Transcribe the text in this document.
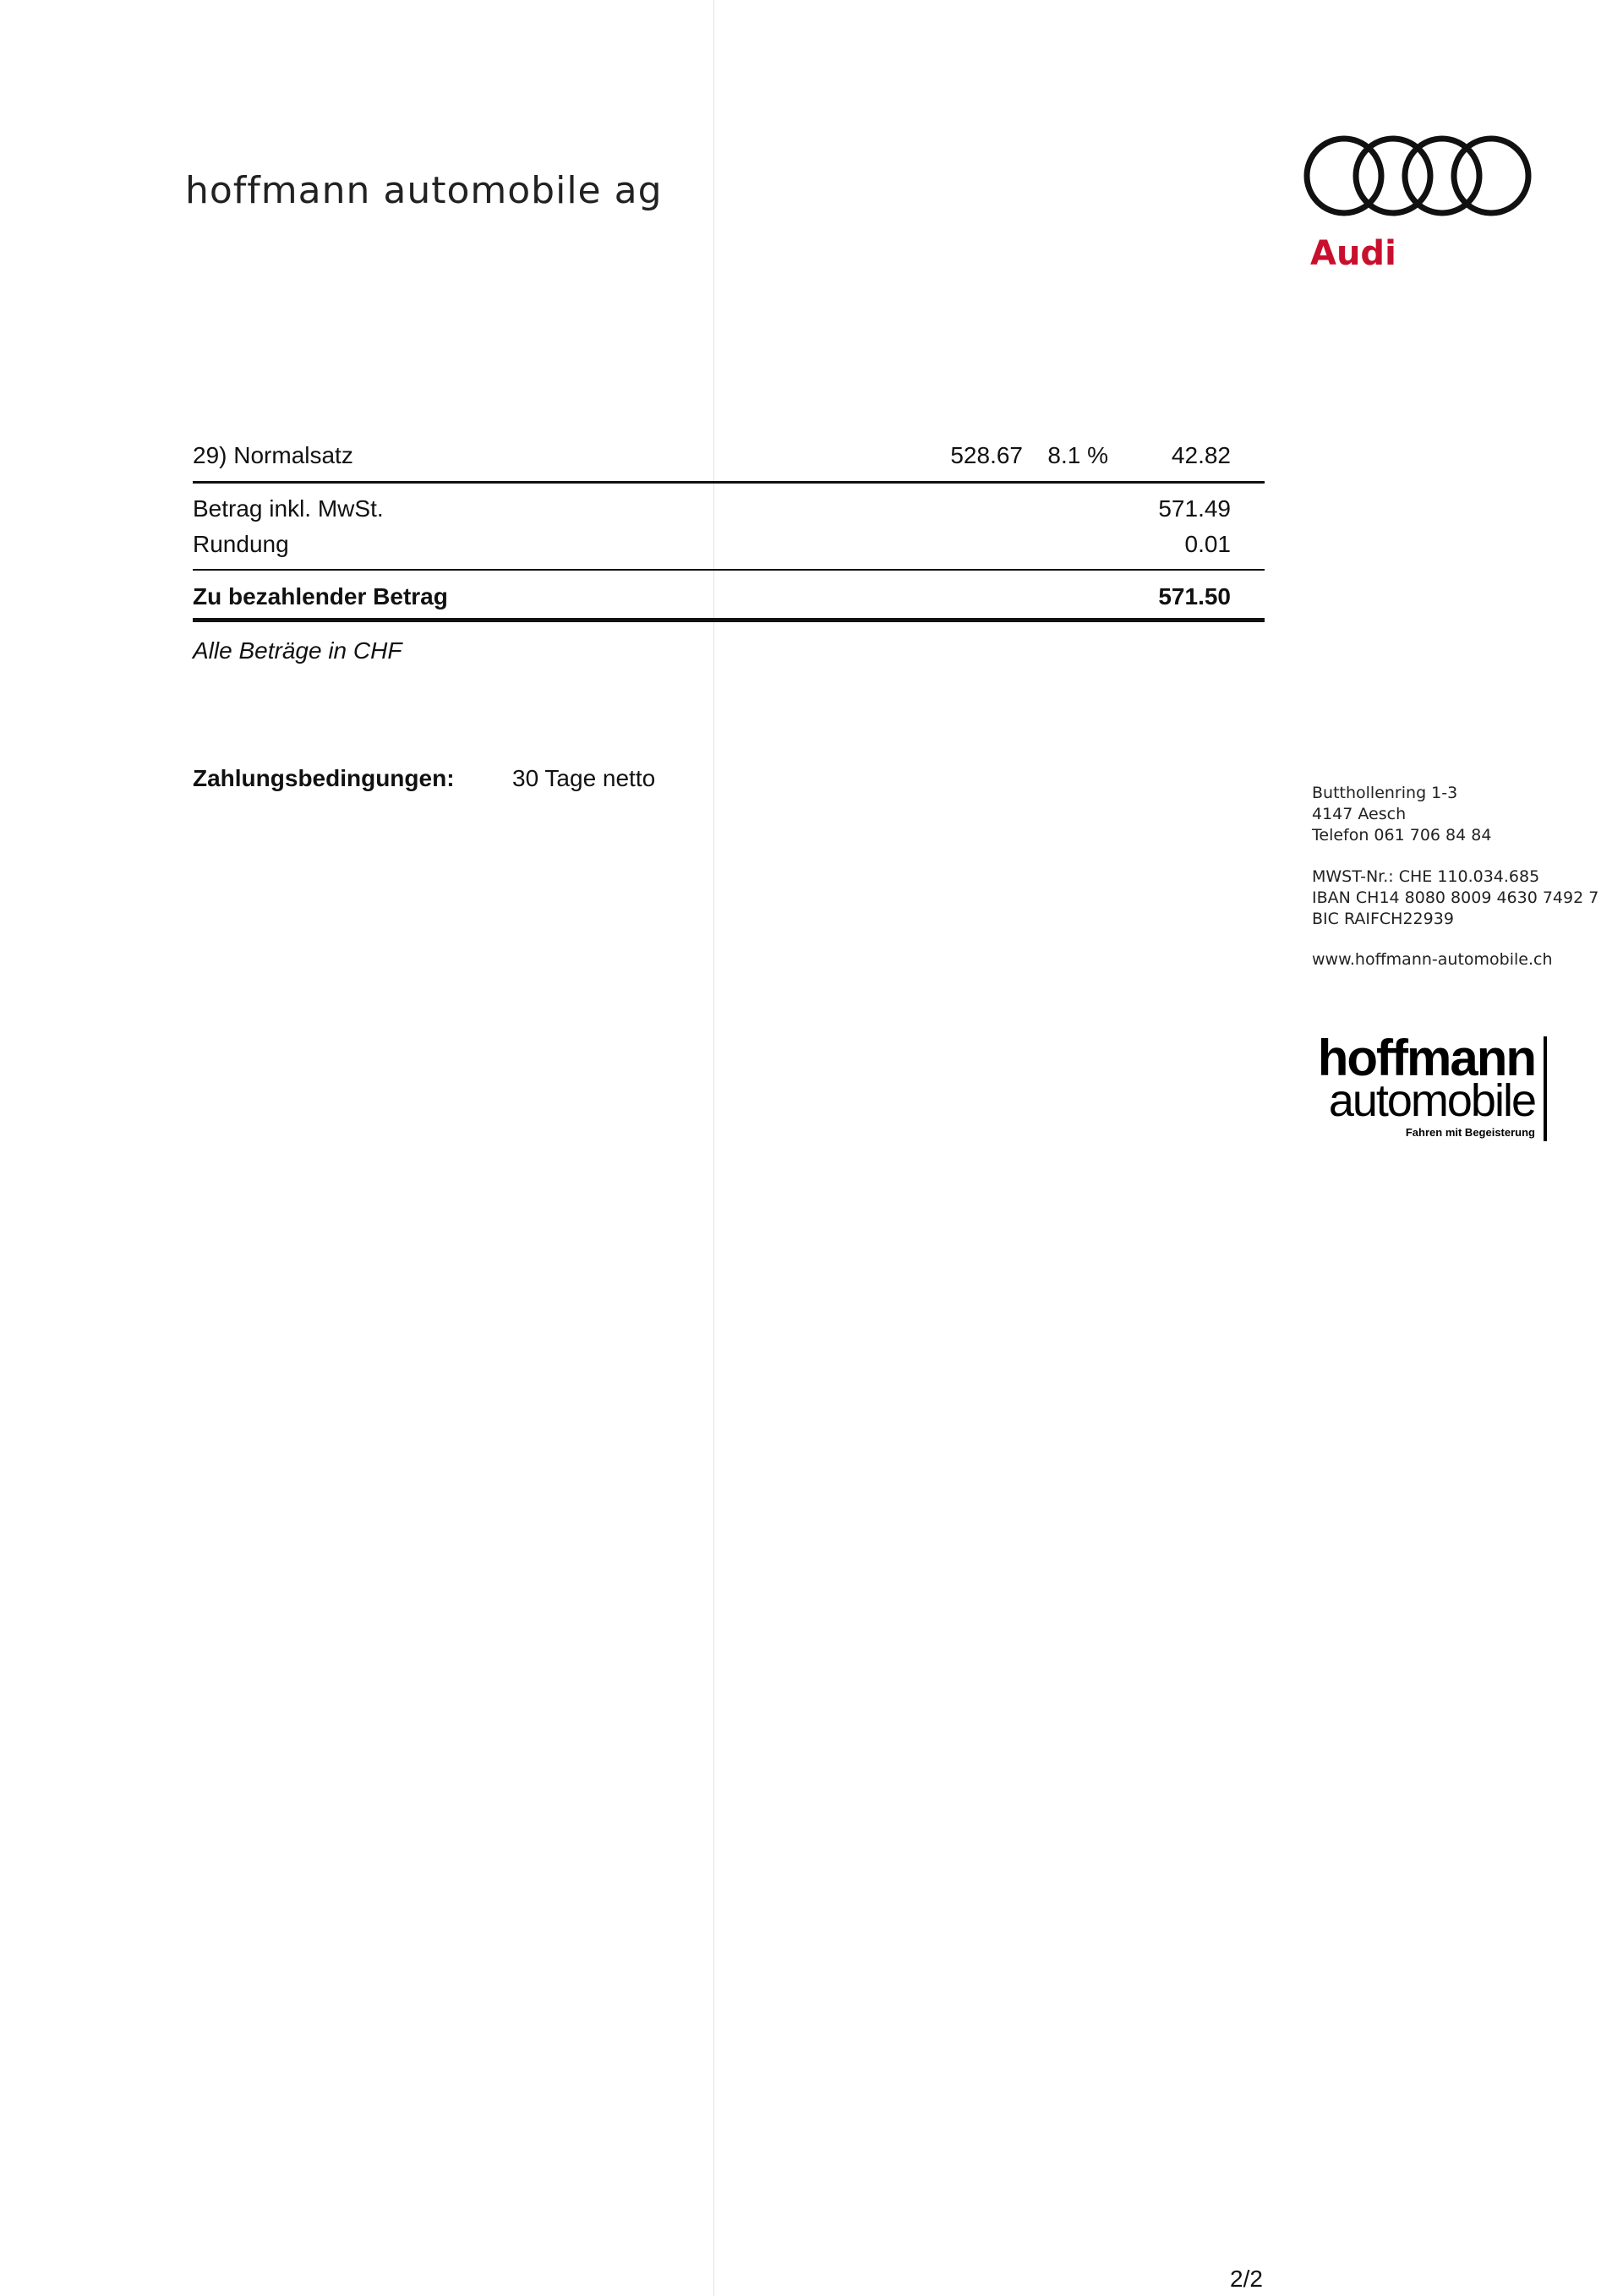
hoffmann automobile ag
Audi
29) Normalsatz	528.67 8.1 %	42.82
Betrag inkl. MwSt.	571.49
Rundung	0.01
Zu bezahlender Betrag	571.50
Alle Beträge in CHF
Zahlungsbedingungen: 30 Tage netto
Butthollenring 1-3
4147 Aesch
Telefon 061 706 84 84
MWST-Nr.: CHE 110.034.685
IBAN CH14 8080 8009 4630 7492 7
BIC RAIFCH22939
www.hoffmann-automobile.ch
hoffmann
automobile
Fahren mit Begeisterung
2/2
